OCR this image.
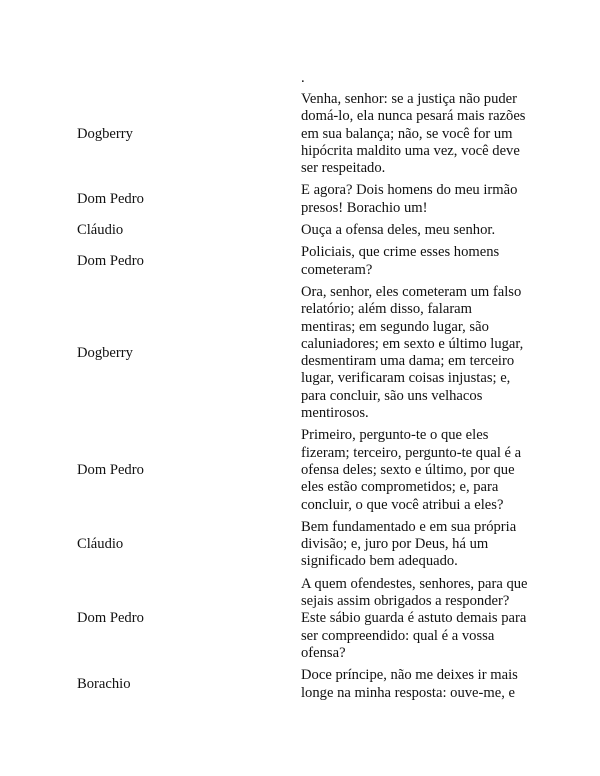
.
Dogberry
Venha, senhor: se a justiça não puder domá-lo, ela nunca pesará mais razões em sua balança; não, se você for um hipócrita maldito uma vez, você deve ser respeitado.
Dom Pedro
E agora? Dois homens do meu irmão presos! Borachio um!
Cláudio	Ouça a ofensa deles, meu senhor.
Dom Pedro
Policiais, que crime esses homens cometeram?
Dogberry
Ora, senhor, eles cometeram um falso relatório; além disso, falaram mentiras; em segundo lugar, são caluniadores; em sexto e último lugar, desmentiram uma dama; em terceiro lugar, verificaram coisas injustas; e, para concluir, são uns velhacos mentirosos.
Dom Pedro
Primeiro, pergunto-te o que eles fizeram; terceiro, pergunto-te qual é a ofensa deles; sexto e último, por que eles estão comprometidos; e, para concluir, o que você atribui a eles?
Cláudio
Bem fundamentado e em sua própria divisão; e, juro por Deus, há um significado bem adequado.
Dom Pedro
A quem ofendestes, senhores, para que sejais assim obrigados a responder? Este sábio guarda é astuto demais para ser compreendido: qual é a vossa ofensa?
Borachio
Doce príncipe, não me deixes ir mais longe na minha resposta: ouve-me, e
